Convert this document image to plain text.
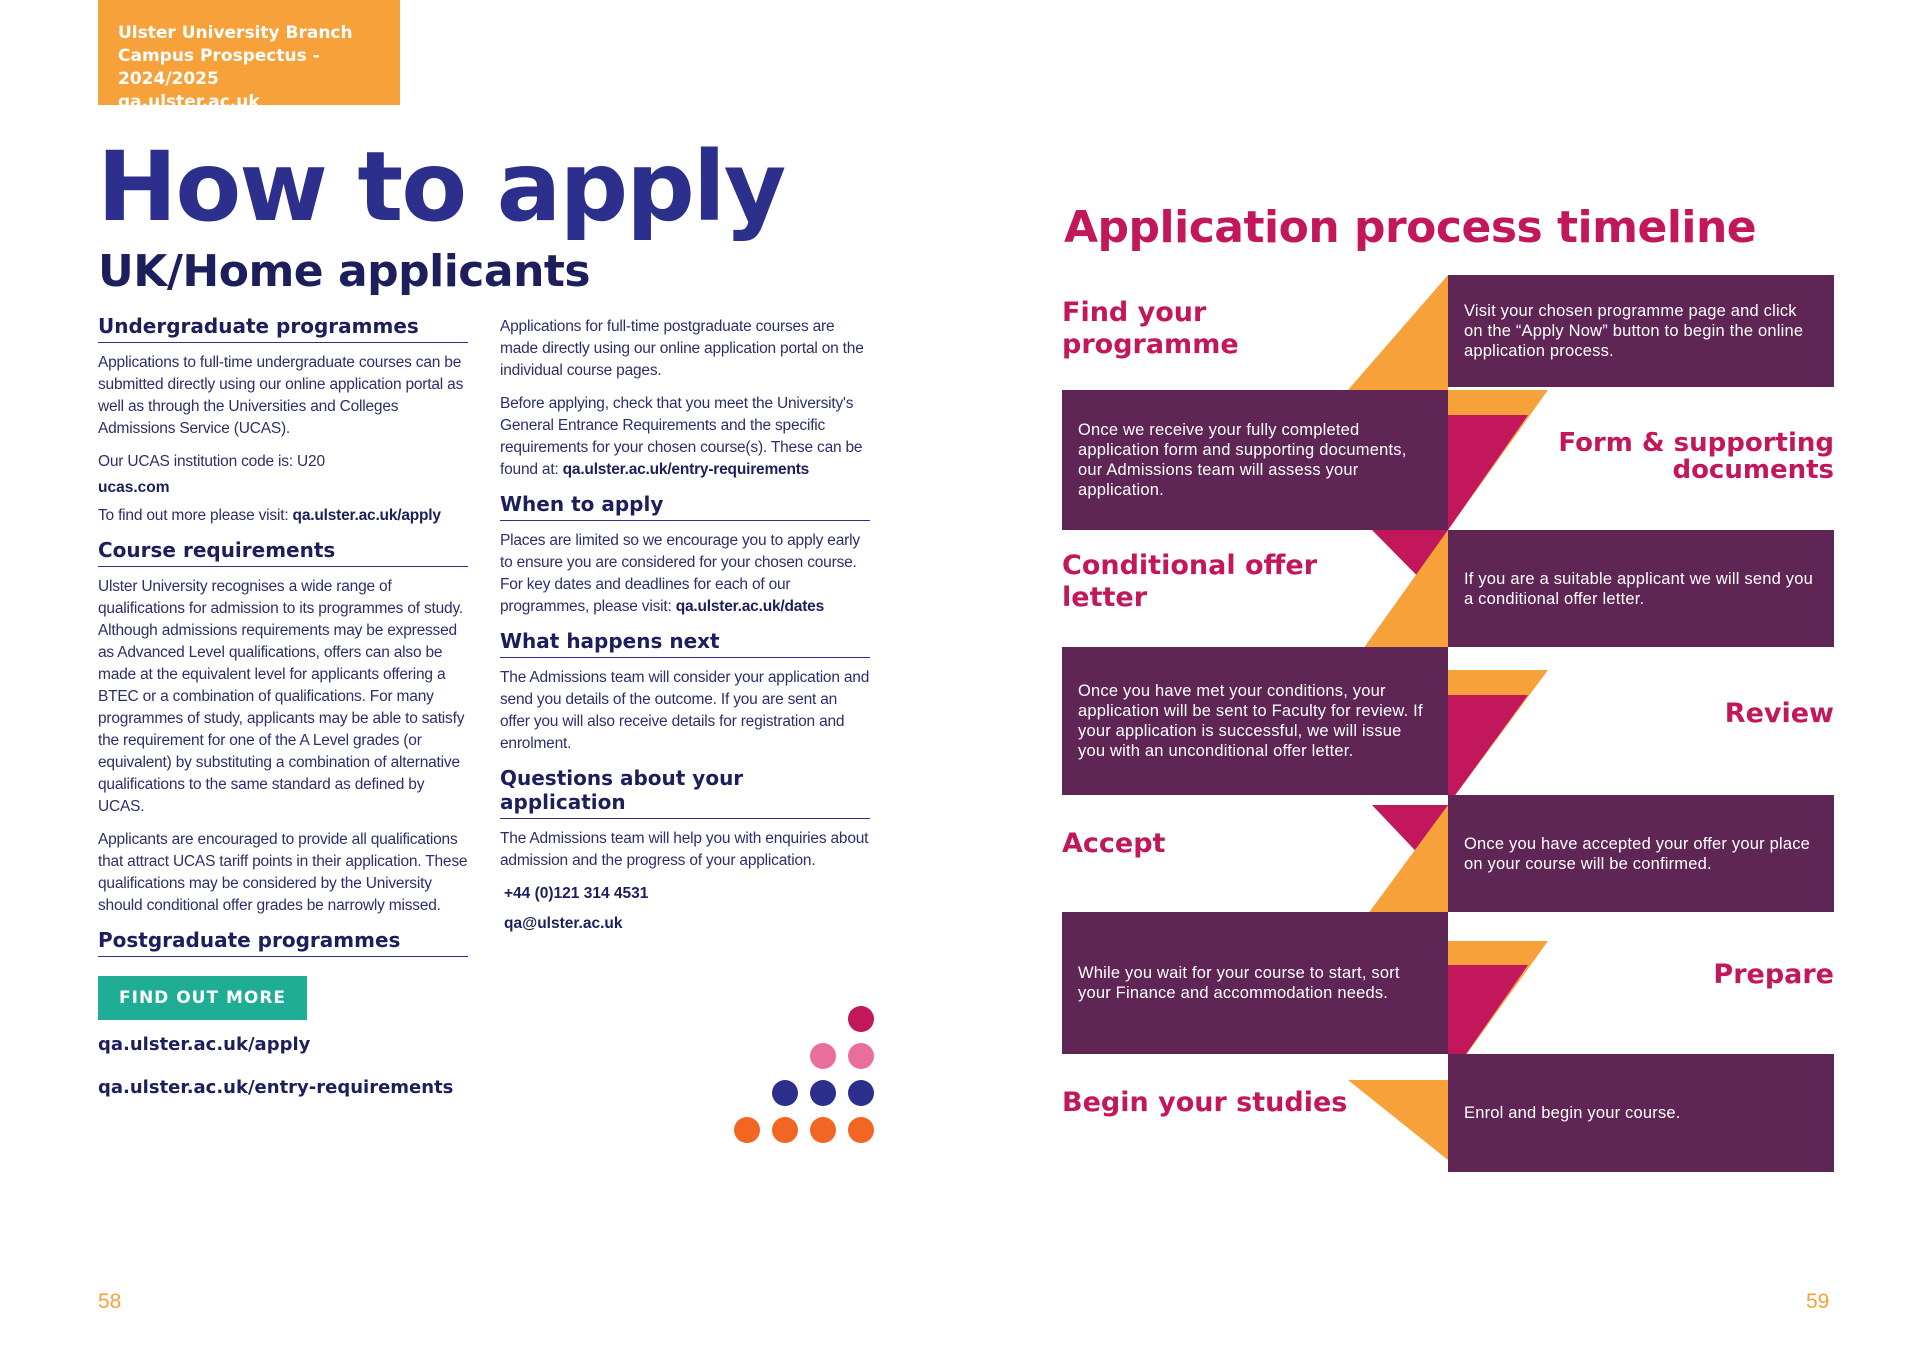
Ulster University Branch
Campus Prospectus - 2024/2025
qa.ulster.ac.uk
How to apply
UK/Home applicants
Undergraduate programmes

Applications to full-time undergraduate courses can be submitted directly using our online application portal as well as through the Universities and Colleges Admissions Service (UCAS).

Our UCAS institution code is: U20

ucas.com

To find out more please visit: qa.ulster.ac.uk/apply

Course requirements

Ulster University recognises a wide range of qualifications for admission to its programmes of study. Although admissions requirements may be expressed as Advanced Level qualifications, offers can also be made at the equivalent level for applicants offering a BTEC or a combination of qualifications. For many programmes of study, applicants may be able to satisfy the requirement for one of the A Level grades (or equivalent) by substituting a combination of alternative qualifications to the same standard as defined by UCAS.

Applicants are encouraged to provide all qualifications that attract UCAS tariff points in their application. These qualifications may be considered by the University should conditional offer grades be narrowly missed.

Postgraduate programmes
FIND OUT MORE
qa.ulster.ac.uk/apply
qa.ulster.ac.uk/entry-requirements

Applications for full-time postgraduate courses are made directly using our online application portal on the individual course pages.

Before applying, check that you meet the University's General Entrance Requirements and the specific requirements for your chosen course(s). These can be found at: qa.ulster.ac.uk/entry-requirements

When to apply

Places are limited so we encourage you to apply early to ensure you are considered for your chosen course. For key dates and deadlines for each of our programmes, please visit: qa.ulster.ac.uk/dates

What happens next

The Admissions team will consider your application and send you details of the outcome. If you are sent an offer you will also receive details for registration and enrolment.

Questions about your application

The Admissions team will help you with enquiries about admission and the progress of your application.

+44 (0)121 314 4531

qa@ulster.ac.uk

58	59
Application process timeline
Find your programme
Visit your chosen programme page and click on the “Apply Now” button to begin the online application process.
Once we receive your fully completed application form and supporting documents, our Admissions team will assess your application.
Form & supporting documents
Conditional offer letter
If you are a suitable applicant we will send you a conditional offer letter.
Once you have met your conditions, your application will be sent to Faculty for review. If your application is successful, we will issue you with an unconditional offer letter.
Review
Accept	Once you have accepted your offer your place on your course will be confirmed.
While you wait for your course to start, sort your Finance and accommodation needs.
Prepare
Begin your studies	Enrol and begin your course.
